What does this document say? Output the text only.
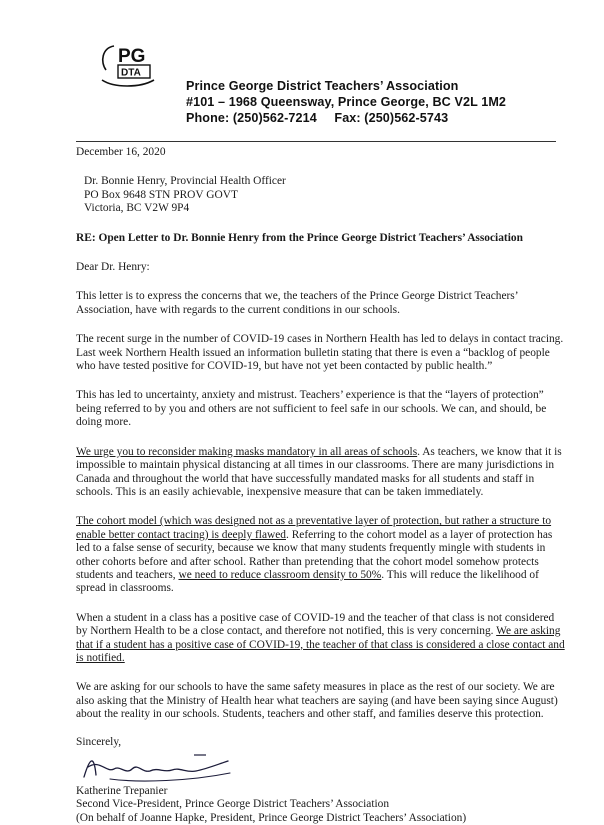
PG
DTA
Prince George District Teachers’ Association
#101 – 1968 Queensway, Prince George, BC V2L 1M2
Phone: (250)562-7214 Fax: (250)562-5743
December 16, 2020
Dr. Bonnie Henry, Provincial Health Officer
PO Box 9648 STN PROV GOVT
Victoria, BC V2W 9P4
RE: Open Letter to Dr. Bonnie Henry from the Prince George District Teachers’ Association
Dear Dr. Henry:

This letter is to express the concerns that we, the teachers of the Prince George District Teachers’ Association, have with regards to the current conditions in our schools.

The recent surge in the number of COVID-19 cases in Northern Health has led to delays in contact tracing. Last week Northern Health issued an information bulletin stating that there is even a “backlog of people who have tested positive for COVID-19, but have not yet been contacted by public health.”

This has led to uncertainty, anxiety and mistrust. Teachers’ experience is that the “layers of protection” being referred to by you and others are not sufficient to feel safe in our schools. We can, and should, be doing more.

We urge you to reconsider making masks mandatory in all areas of schools. As teachers, we know that it is impossible to maintain physical distancing at all times in our classrooms. There are many jurisdictions in Canada and throughout the world that have successfully mandated masks for all students and staff in schools. This is an easily achievable, inexpensive measure that can be taken immediately.

The cohort model (which was designed not as a preventative layer of protection, but rather a structure to enable better contact tracing) is deeply flawed. Referring to the cohort model as a layer of protection has led to a false sense of security, because we know that many students frequently mingle with students in other cohorts before and after school. Rather than pretending that the cohort model somehow protects students and teachers, we need to reduce classroom density to 50%. This will reduce the likelihood of spread in classrooms.

When a student in a class has a positive case of COVID-19 and the teacher of that class is not considered by Northern Health to be a close contact, and therefore not notified, this is very concerning. We are asking that if a student has a positive case of COVID-19, the teacher of that class is considered a close contact and is notified.

We are asking for our schools to have the same safety measures in place as the rest of our society. We are also asking that the Ministry of Health hear what teachers are saying (and have been saying since August) about the reality in our schools. Students, teachers and other staff, and families deserve this protection.

Sincerely,
Katherine Trepanier
Second Vice-President, Prince George District Teachers’ Association
(On behalf of Joanne Hapke, President, Prince George District Teachers’ Association)
